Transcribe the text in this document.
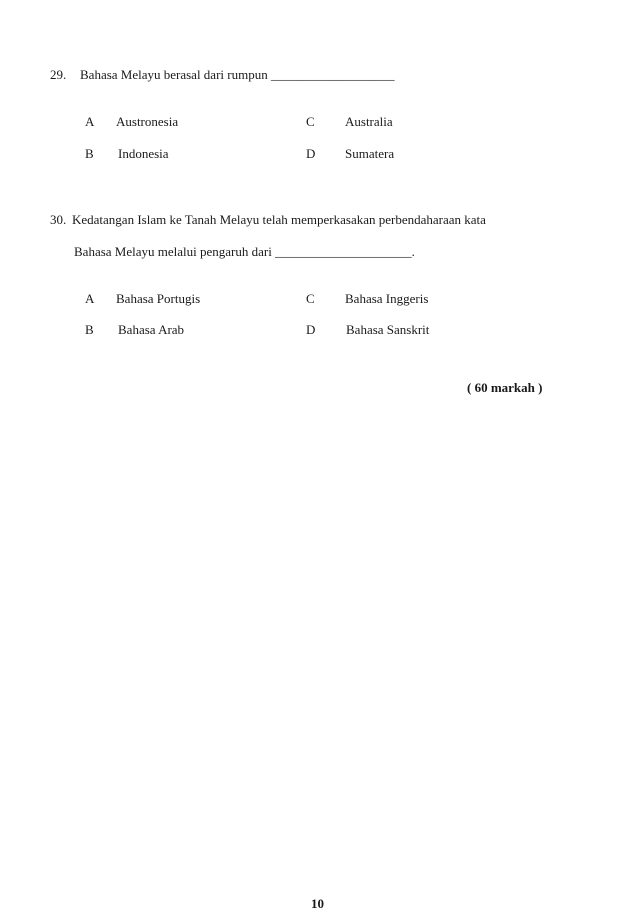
29. Bahasa Melayu berasal dari rumpun ___________________
A Austronesia	C Australia
B Indonesia	D Sumatera
30. Kedatangan Islam ke Tanah Melayu telah memperkasakan perbendaharaan kata
Bahasa Melayu melalui pengaruh dari _____________________.
A Bahasa Portugis	C Bahasa Inggeris
B Bahasa Arab	D Bahasa Sanskrit
( 60 markah )
10
